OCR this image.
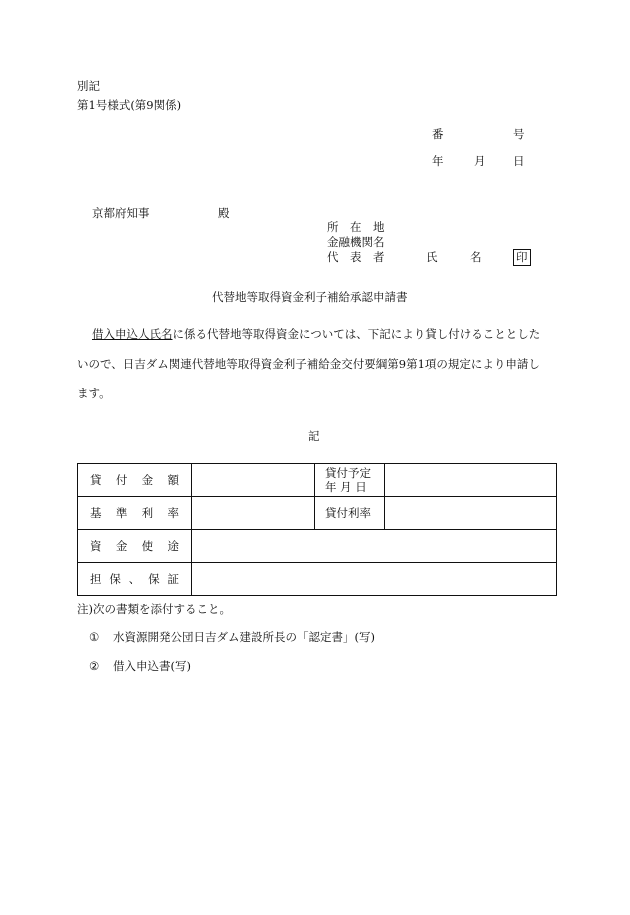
別記
第1号様式(第9関係)
番	号
年	月 日
京都府知事	殿
所　在　地
金融機関名
代　表　者	氏	名	印
代替地等取得資金利子補給承認申請書
借入申込人氏名に係る代替地等取得資金については、下記により貸し付けることとした
いので、日吉ダム関連代替地等取得資金利子補給金交付要綱第9第1項の規定により申請し
ます。
記
貸付金額		貸付予定
年 月 日	

基準利率		貸付利率	
資金使途			
担保、保証			
注)次の書類を添付すること。
① 水資源開発公団日吉ダム建設所長の「認定書」(写)
② 借入申込書(写)
